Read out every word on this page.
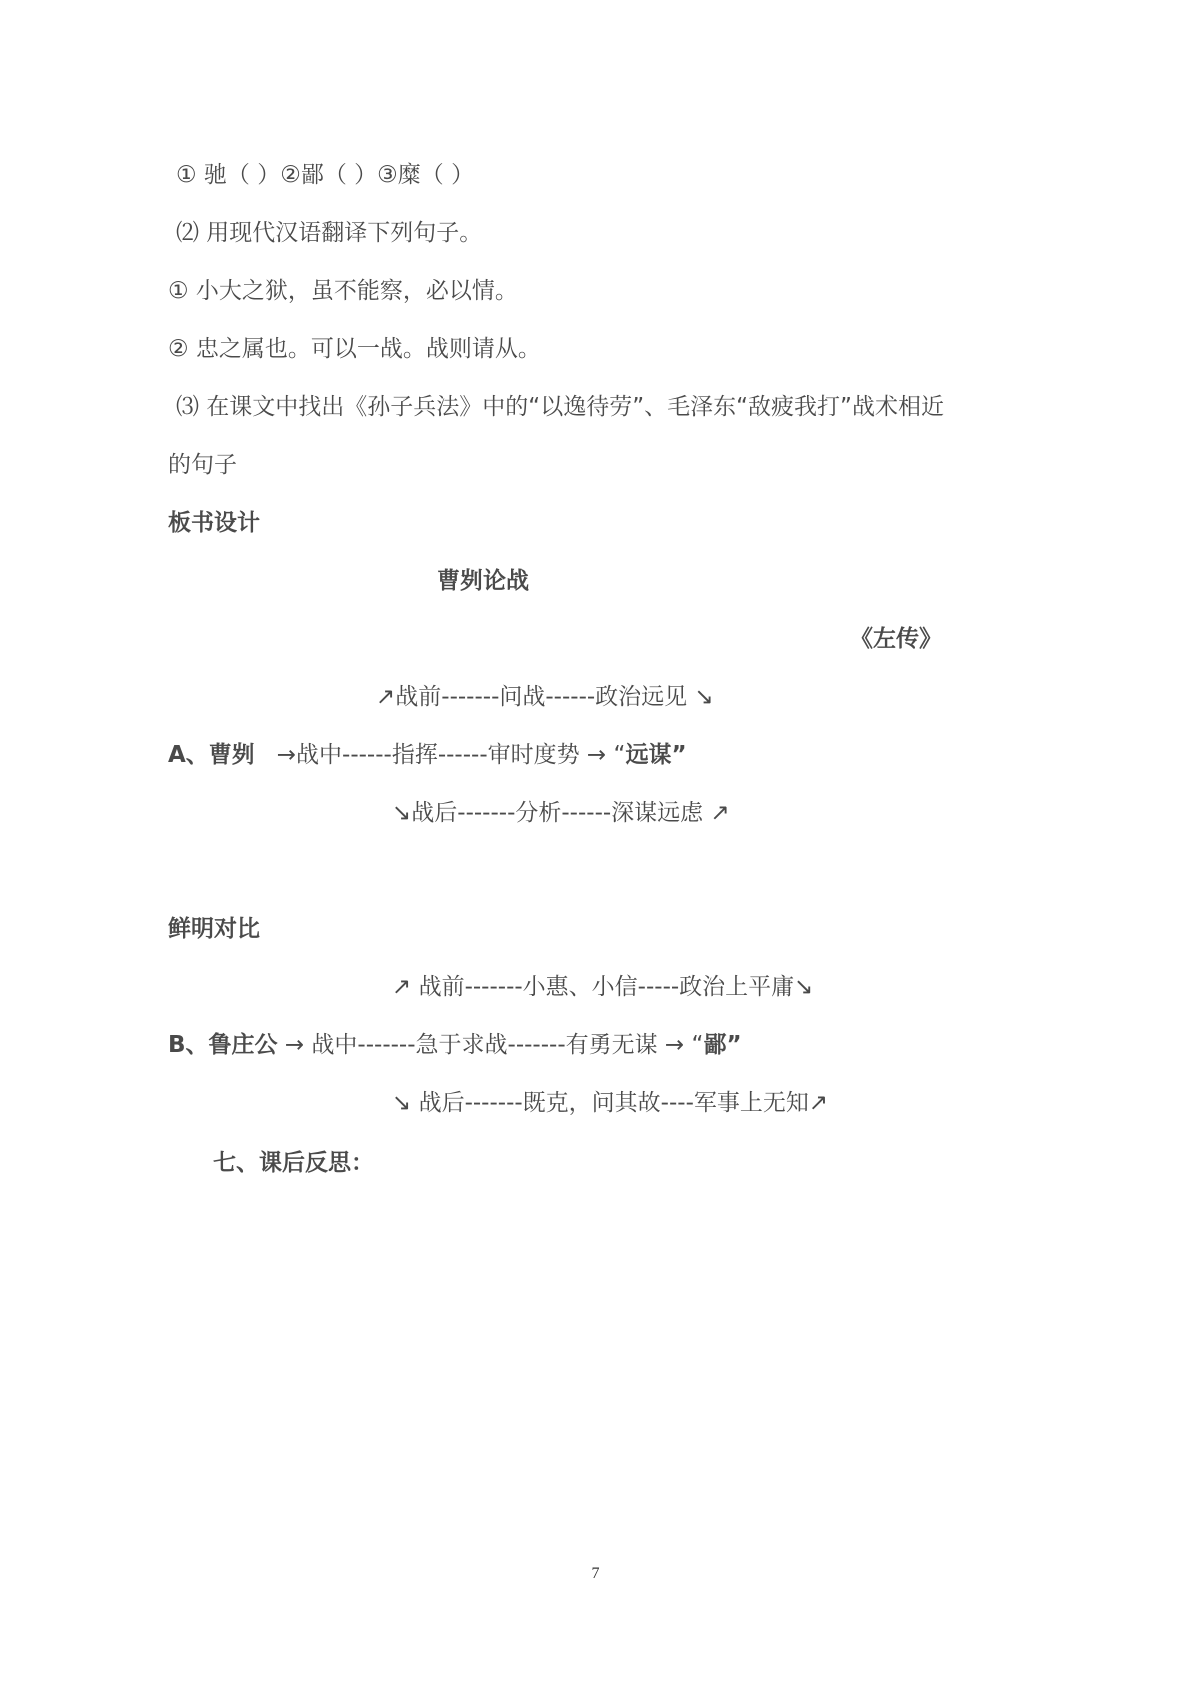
① 驰（ ）②鄙（ ）③糜（ ）
⑵ 用现代汉语翻译下列句子。
① 小大之狱，虽不能察，必以情。
② 忠之属也。可以一战。战则请从。
⑶ 在课文中找出《孙子兵法》中的“以逸待劳”、毛泽东“敌疲我打”战术相近
的句子
板书设计
曹刿论战
《左传》
↗战前-------问战------政治远见 ↘
A、曹刿 →战中------指挥------审时度势 → “远谋”
↘战后-------分析------深谋远虑 ↗
鲜明对比
↗ 战前-------小惠、小信-----政治上平庸↘
B、鲁庄公 → 战中-------急于求战-------有勇无谋 → “鄙”
↘ 战后-------既克，问其故----军事上无知↗
七、课后反思：
7
